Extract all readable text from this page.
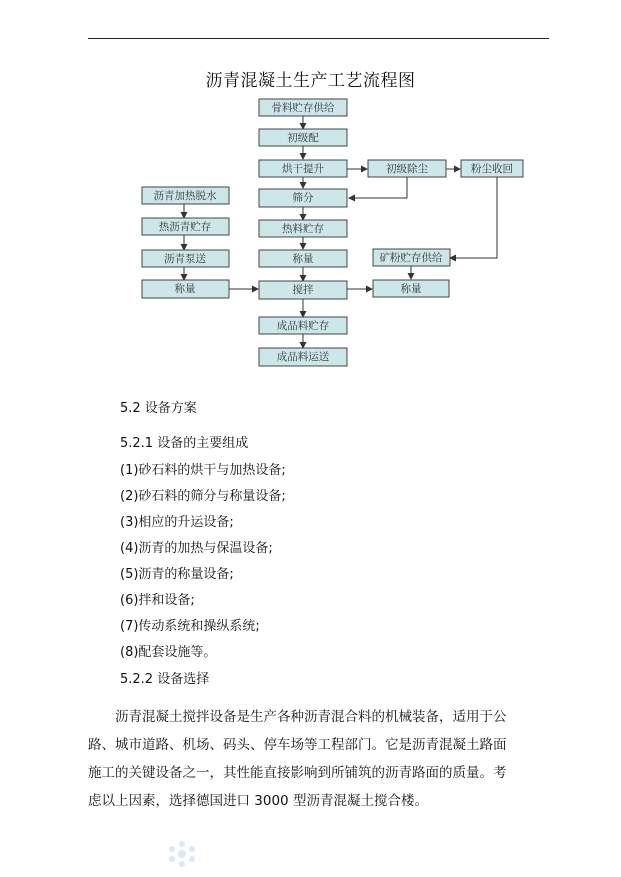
沥青混凝土生产工艺流程图
骨料贮存供给
初级配
烘干提升
筛分
热料贮存
称量
搅拌
成品料贮存
成品料运送
沥青加热脱水
热沥青贮存
沥青泵送
称量
初级除尘	粉尘收回
矿粉贮存供给
称量
5.2 设备方案
5.2.1 设备的主要组成
(1)砂石料的烘干与加热设备;
(2)砂石料的筛分与称量设备;
(3)相应的升运设备;
(4)沥青的加热与保温设备;
(5)沥青的称量设备;
(6)拌和设备;
(7)传动系统和操纵系统;
(8)配套设施等。
5.2.2 设备选择
沥青混凝土搅拌设备是生产各种沥青混合料的机械装备，适用于公
路、城市道路、机场、码头、停车场等工程部门。它是沥青混凝土路面
施工的关键设备之一，其性能直接影响到所铺筑的沥青路面的质量。考
虑以上因素，选择德国进口 3000 型沥青混凝土搅合楼。
